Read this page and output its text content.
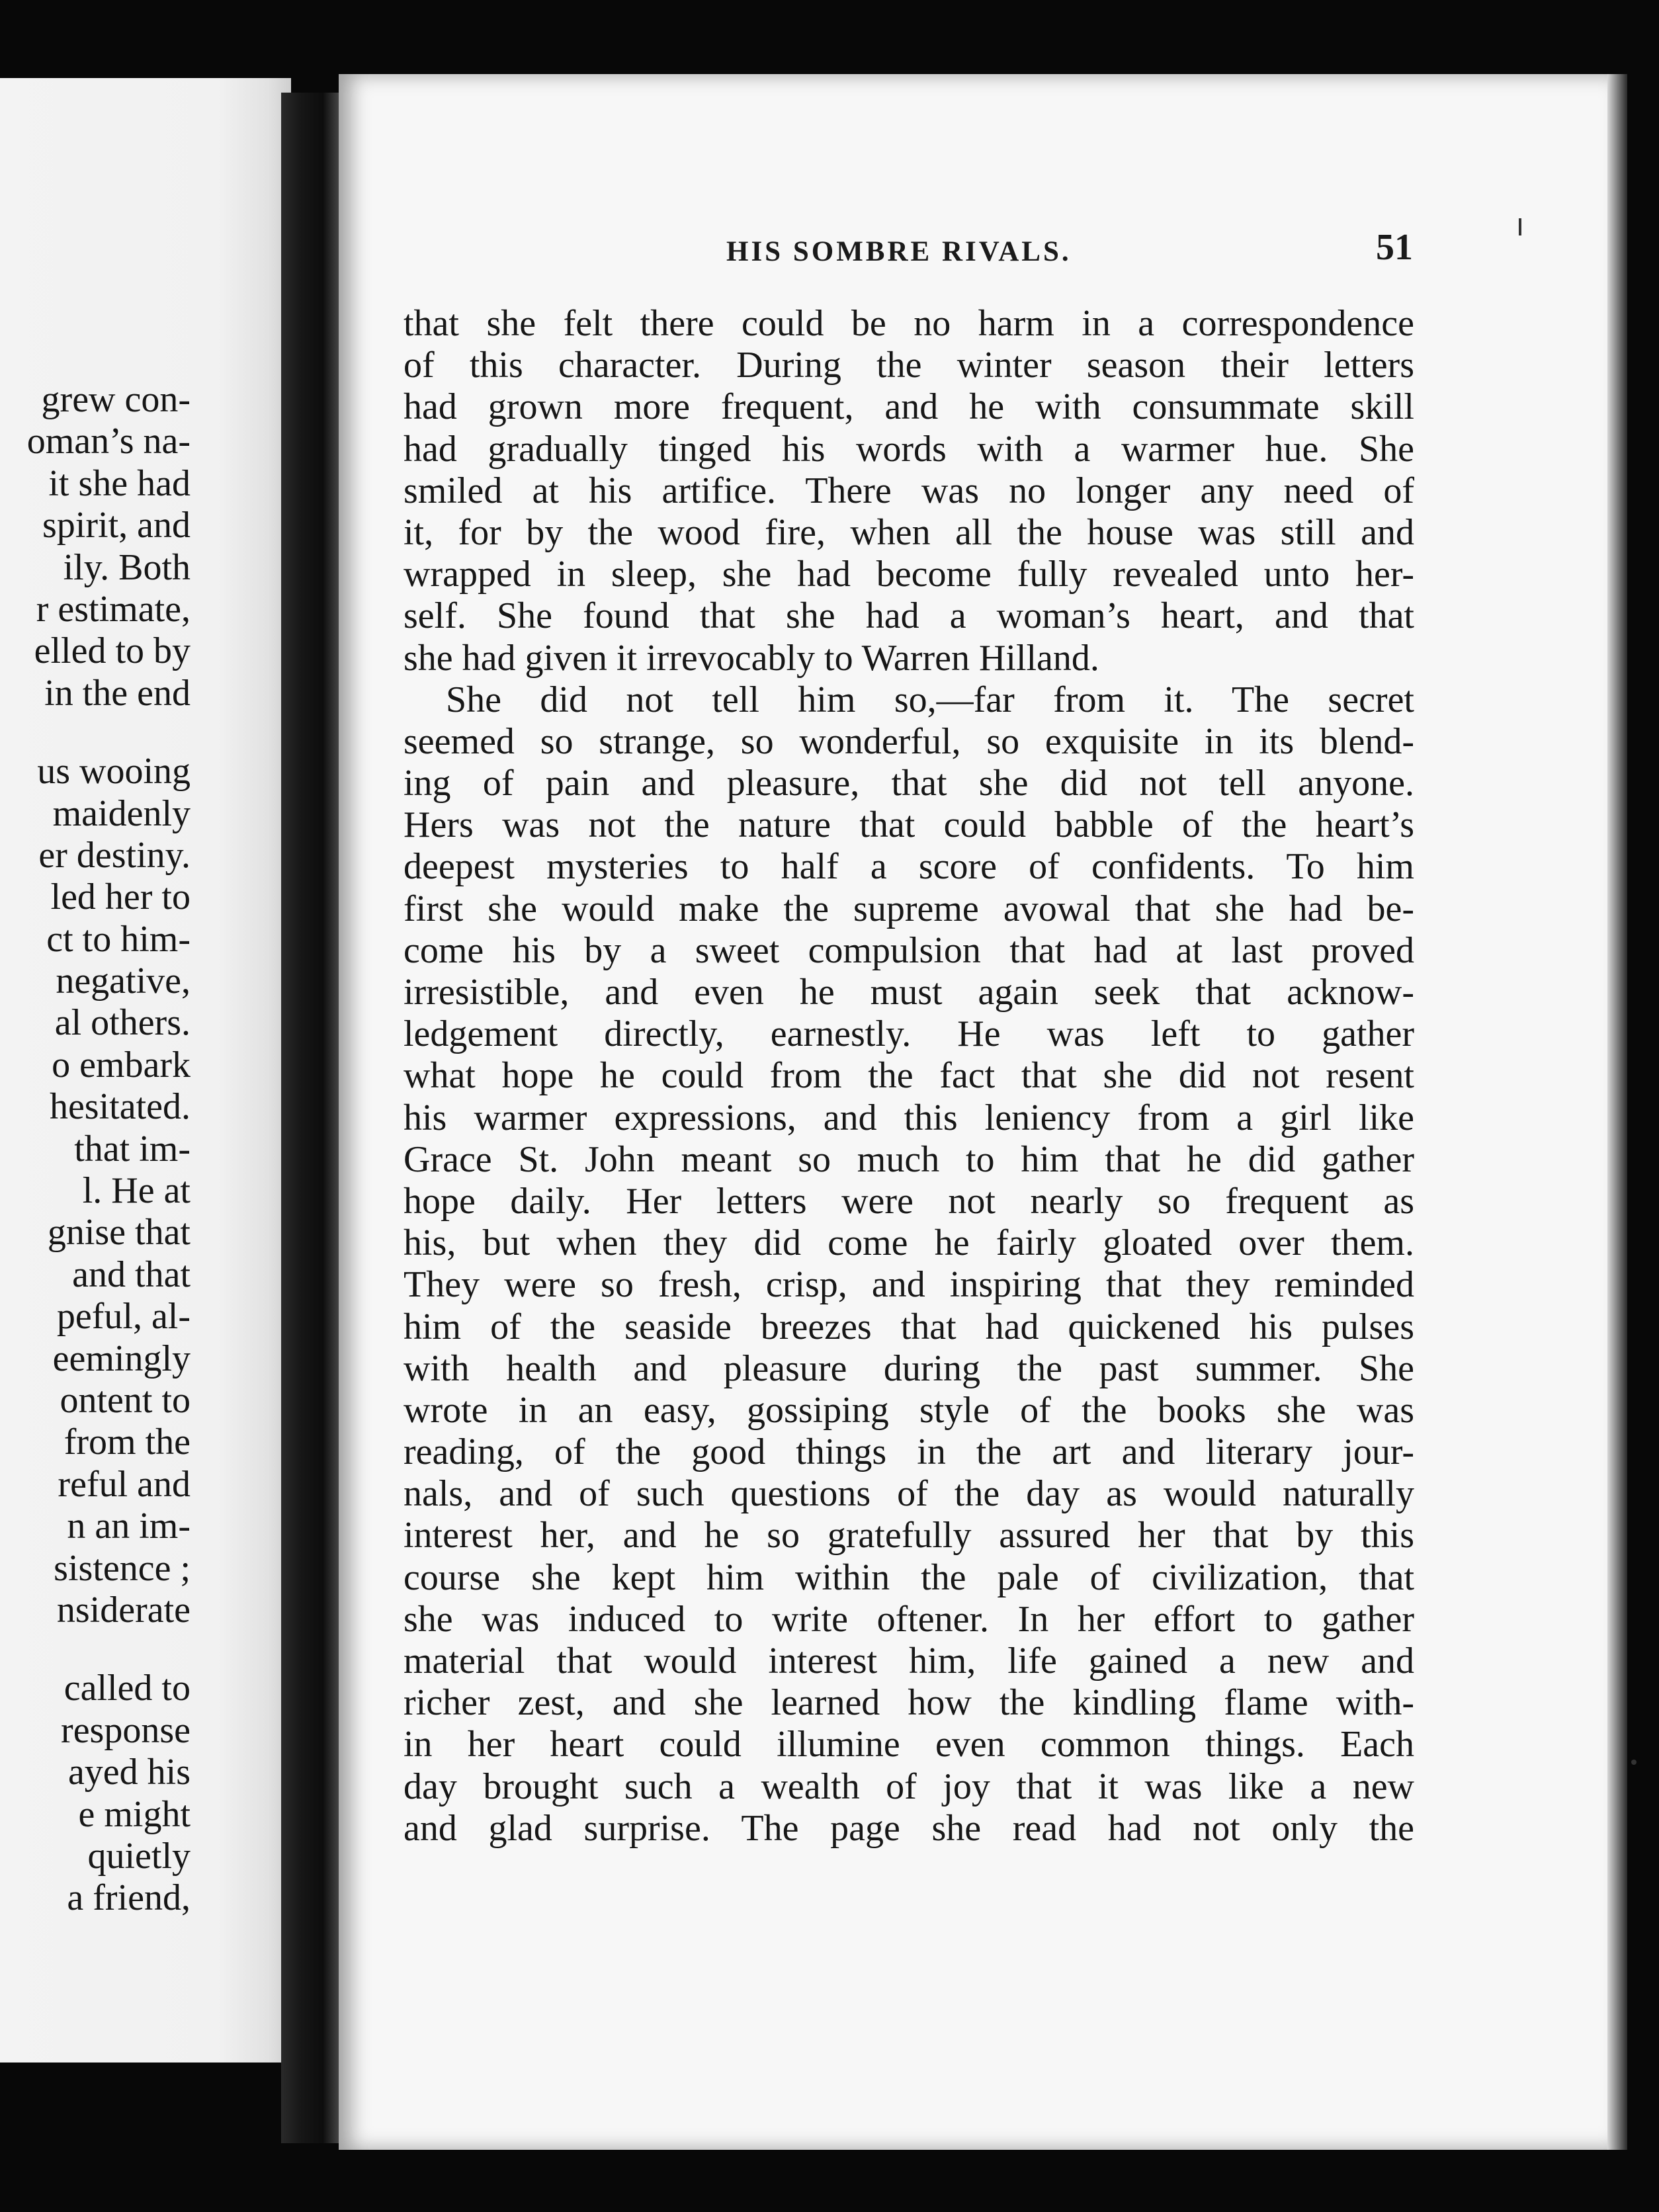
grew con-
oman’s na-
it she had
spirit, and
ily. Both
r estimate,
elled to by
in the end
us wooing
maidenly
er destiny.
led her to
ct to him-
negative,
al others.
o embark
hesitated.
that im-
l. He at
gnise that
and that
peful, al-
eemingly
ontent to
from the
reful and
n an im-
sistence ;
nsiderate
called to
response
ayed his
e might
quietly
a friend,
HIS SOMBRE RIVALS.	51
that she felt there could be no harm in a correspondence
of this character. During the winter season their letters
had grown more frequent, and he with consummate skill
had gradually tinged his words with a warmer hue. She
smiled at his artifice. There was no longer any need of
it, for by the wood fire, when all the house was still and
wrapped in sleep, she had become fully revealed unto her-
self. She found that she had a woman’s heart, and that
she had given it irrevocably to Warren Hilland.
She did not tell him so,—far from it. The secret
seemed so strange, so wonderful, so exquisite in its blend-
ing of pain and pleasure, that she did not tell anyone.
Hers was not the nature that could babble of the heart’s
deepest mysteries to half a score of confidents. To him
first she would make the supreme avowal that she had be-
come his by a sweet compulsion that had at last proved
irresistible, and even he must again seek that acknow-
ledgement directly, earnestly. He was left to gather
what hope he could from the fact that she did not resent
his warmer expressions, and this leniency from a girl like
Grace St. John meant so much to him that he did gather
hope daily. Her letters were not nearly so frequent as
his, but when they did come he fairly gloated over them.
They were so fresh, crisp, and inspiring that they reminded
him of the seaside breezes that had quickened his pulses
with health and pleasure during the past summer. She
wrote in an easy, gossiping style of the books she was
reading, of the good things in the art and literary jour-
nals, and of such questions of the day as would naturally
interest her, and he so gratefully assured her that by this
course she kept him within the pale of civilization, that
she was induced to write oftener. In her effort to gather
material that would interest him, life gained a new and
richer zest, and she learned how the kindling flame with-
in her heart could illumine even common things. Each
day brought such a wealth of joy that it was like a new
and glad surprise. The page she read had not only the
